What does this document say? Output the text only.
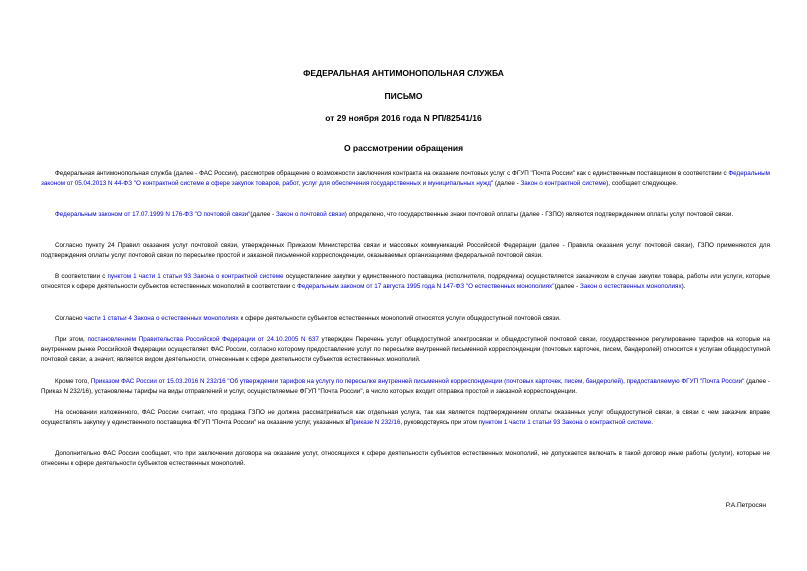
ФЕДЕРАЛЬНАЯ АНТИМОНОПОЛЬНАЯ СЛУЖБА
ПИСЬМО
от 29 ноября 2016 года N РП/82541/16
О рассмотрении обращения

Федеральная антимонопольная служба (далее - ФАС России), рассмотрев обращение о возможности заключения контракта на оказание почтовых услуг с ФГУП "Почта России" как с единственным поставщиком в соответствии с Федеральным законом от 05.04.2013 N 44-ФЗ "О контрактной системе в сфере закупок товаров, работ, услуг для обеспечения государственных и муниципальных нужд" (далее - Закон о контрактной системе), сообщает следующее.

Федеральным законом от 17.07.1999 N 176-ФЗ "О почтовой связи"(далее - Закон о почтовой связи) определено, что государственные знаки почтовой оплаты (далее - ГЗПО) являются подтверждением оплаты услуг почтовой связи.

Согласно пункту 24 Правил оказания услуг почтовой связи, утвержденных Приказом Министерства связи и массовых коммуникаций Российской Федерации (далее - Правила оказания услуг почтовой связи), ГЗПО применяются для подтверждения оплаты услуг почтовой связи по пересылке простой и заказной письменной корреспонденции, оказываемых организациями федеральной почтовой связи.

В соответствии с пунктом 1 части 1 статьи 93 Закона о контрактной системе осуществление закупки у единственного поставщика (исполнителя, подрядчика) осуществляется заказчиком в случае закупки товара, работы или услуги, которые относятся к сфере деятельности субъектов естественных монополий в соответствии с Федеральным законом от 17 августа 1995 года N 147-ФЗ "О естественных монополиях"(далее - Закон о естественных монополиях).

Согласно части 1 статьи 4 Закона о естественных монополиях к сфере деятельности субъектов естественных монополий относятся услуги общедоступной почтовой связи.

При этом, постановлением Правительства Российской Федерации от 24.10.2005 N 637 утвержден Перечень услуг общедоступной электросвязи и общедоступной почтовой связи, государственное регулирование тарифов на которые на внутреннем рынке Российской Федерации осуществляет ФАС России, согласно которому предоставление услуг по пересылке внутренней письменной корреспонденции (почтовых карточек, писем, бандеролей) относится к услугам общедоступной почтовой связи, а значит, является видом деятельности, отнесенным к сфере деятельности субъектов естественных монополий.

Кроме того, Приказом ФАС России от 15.03.2016 N 232/16 "Об утверждении тарифов на услугу по пересылке внутренней письменной корреспонденции (почтовых карточек, писем, бандеролей), предоставляемую ФГУП "Почта России" (далее - Приказ N 232/16), установлены тарифы на виды отправлений и услуг, осуществляемые ФГУП "Почта России", в число которых входит отправка простой и заказной корреспонденции.

На основании изложенного, ФАС России считает, что продажа ГЗПО не должна рассматриваться как отдельная услуга, так как является подтверждением оплаты оказанных услуг общедоступной связи, в связи с чем заказчик вправе осуществлять закупку у единственного поставщика ФГУП "Почта России" на оказание услуг, указанных вПриказе N 232/16, руководствуясь при этом пунктом 1 части 1 статьи 93 Закона о контрактной системе.

Дополнительно ФАС России сообщает, что при заключении договора на оказание услуг, относящихся к сфере деятельности субъектов естественных монополий, не допускается включать в такой договор иные работы (услуги), которые не отнесены к сфере деятельности субъектов естественных монополий.

Р.А.Петросян
